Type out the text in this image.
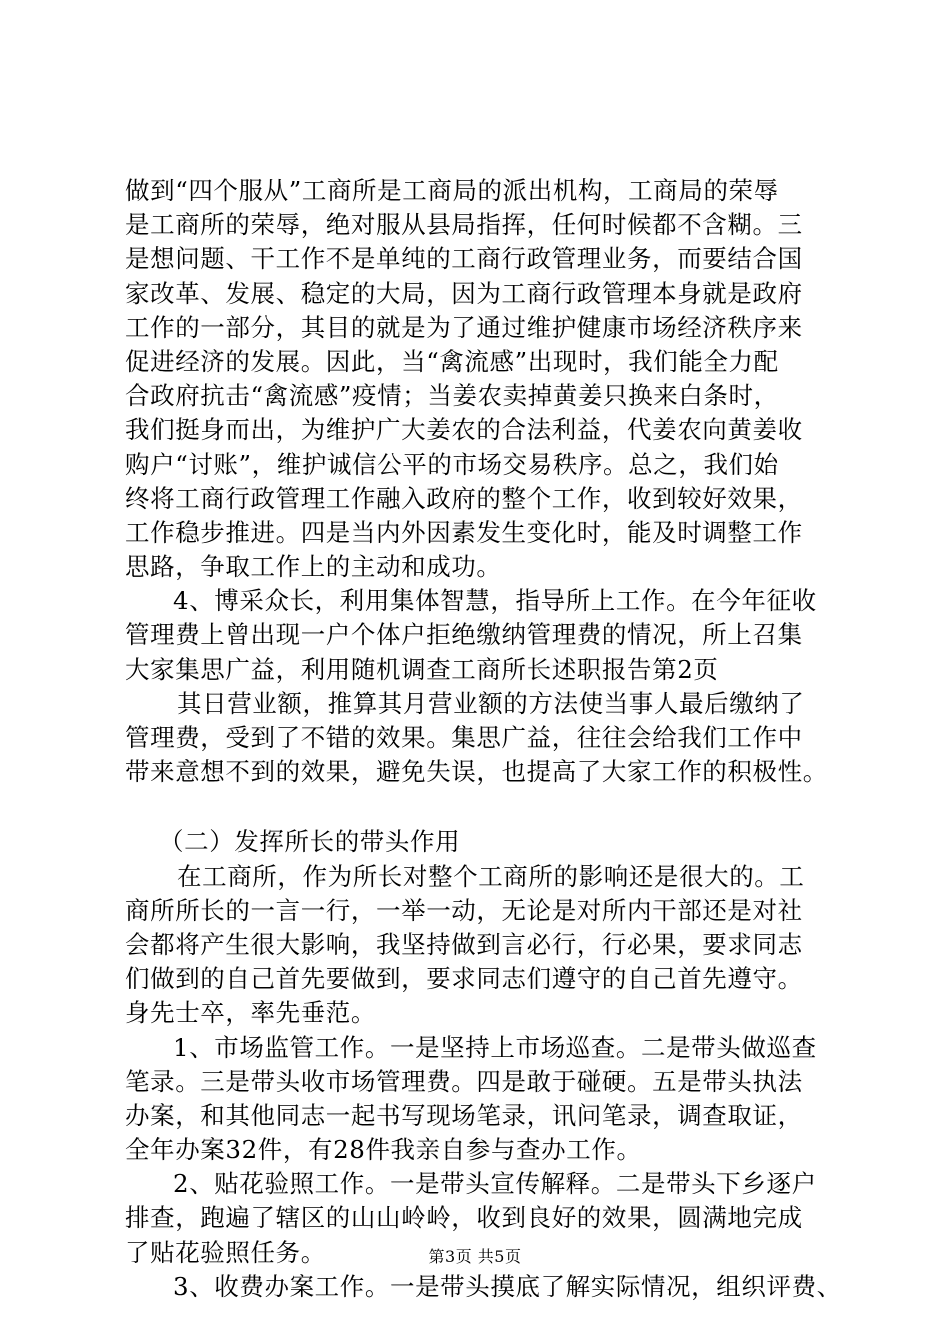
做到“四个服从”工商所是工商局的派出机构，工商局的荣辱
是工商所的荣辱，绝对服从县局指挥，任何时候都不含糊。三
是想问题、干工作不是单纯的工商行政管理业务，而要结合国
家改革、发展、稳定的大局，因为工商行政管理本身就是政府
工作的一部分，其目的就是为了通过维护健康市场经济秩序来
促进经济的发展。因此，当“禽流感”出现时，我们能全力配
合政府抗击“禽流感”疫情；当姜农卖掉黄姜只换来白条时，
我们挺身而出，为维护广大姜农的合法利益，代姜农向黄姜收
购户“讨账”，维护诚信公平的市场交易秩序。总之，我们始
终将工商行政管理工作融入政府的整个工作，收到较好效果，
工作稳步推进。四是当内外因素发生变化时，能及时调整工作
思路，争取工作上的主动和成功。
4、博采众长，利用集体智慧，指导所上工作。在今年征收
管理费上曾出现一户个体户拒绝缴纳管理费的情况，所上召集
大家集思广益，利用随机调查工商所长述职报告第2页
其日营业额，推算其月营业额的方法使当事人最后缴纳了
管理费，受到了不错的效果。集思广益，往往会给我们工作中
带来意想不到的效果，避免失误，也提高了大家工作的积极性。
（二）发挥所长的带头作用
在工商所，作为所长对整个工商所的影响还是很大的。工
商所所长的一言一行，一举一动，无论是对所内干部还是对社
会都将产生很大影响，我坚持做到言必行，行必果，要求同志
们做到的自己首先要做到，要求同志们遵守的自己首先遵守。
身先士卒，率先垂范。
1、市场监管工作。一是坚持上市场巡查。二是带头做巡查
笔录。三是带头收市场管理费。四是敢于碰硬。五是带头执法
办案，和其他同志一起书写现场笔录，讯问笔录，调查取证，
全年办案32件，有28件我亲自参与查办工作。
2、贴花验照工作。一是带头宣传解释。二是带头下乡逐户
排查，跑遍了辖区的山山岭岭，收到良好的效果，圆满地完成
了贴花验照任务。
3、收费办案工作。一是带头摸底了解实际情况，组织评费、
第3页 共5页
